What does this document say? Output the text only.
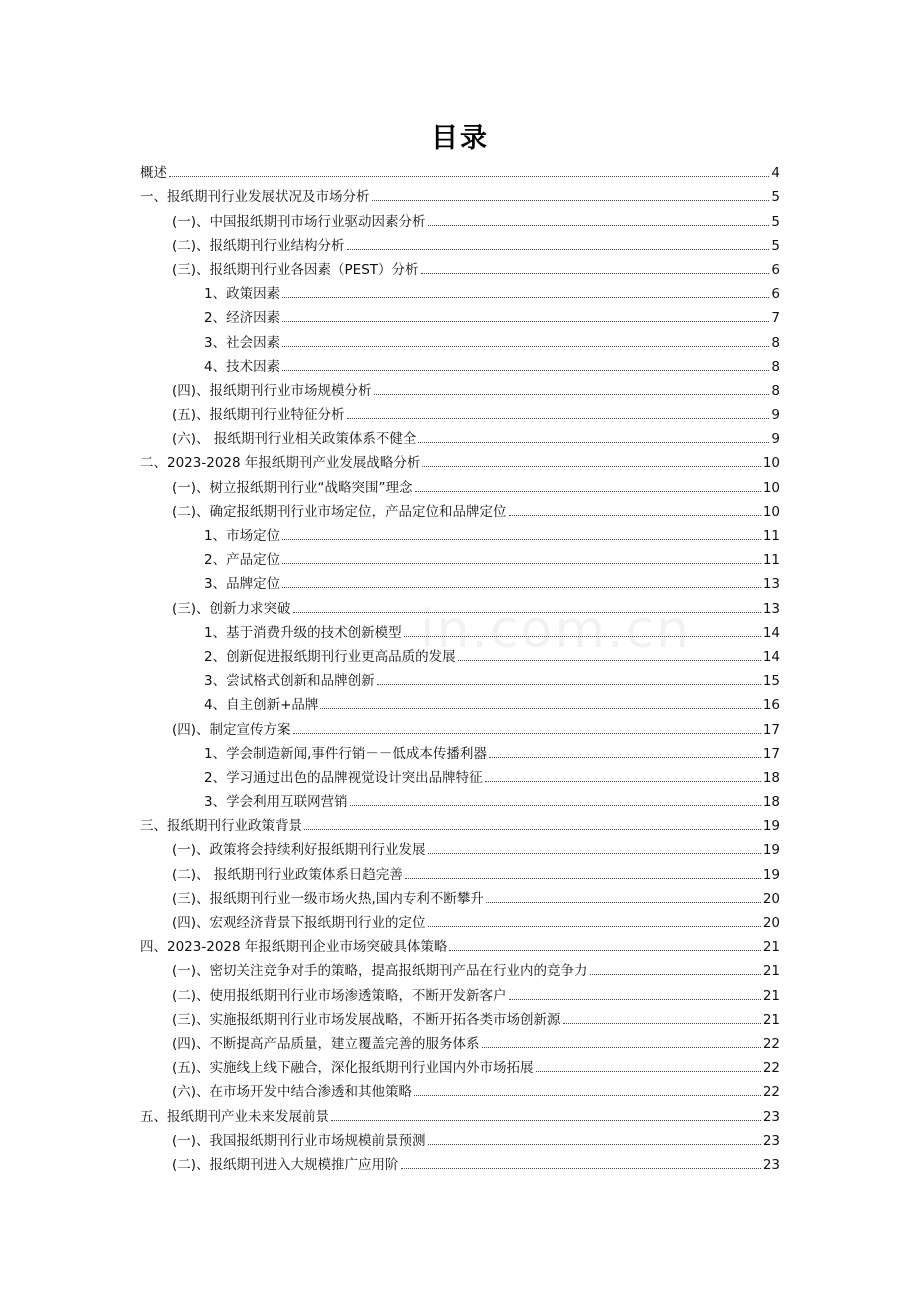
目录
概述	4
一、报纸期刊行业发展状况及市场分析	5
(一)、中国报纸期刊市场行业驱动因素分析	5
(二)、报纸期刊行业结构分析	5
(三)、报纸期刊行业各因素（PEST）分析	6
1、政策因素	6
2、经济因素	7
3、社会因素	8
4、技术因素	8
(四)、报纸期刊行业市场规模分析	8
(五)、报纸期刊行业特征分析	9
(六)、 报纸期刊行业相关政策体系不健全	9
二、2023-2028 年报纸期刊产业发展战略分析	10
(一)、树立报纸期刊行业“战略突围”理念	10
(二)、确定报纸期刊行业市场定位，产品定位和品牌定位	10
1、市场定位	11
2、产品定位	11
3、品牌定位	13
(三)、创新力求突破	13
1、基于消费升级的技术创新模型	14
2、创新促进报纸期刊行业更高品质的发展	14
3、尝试格式创新和品牌创新	15
4、自主创新+品牌	16
(四)、制定宣传方案	17
1、学会制造新闻,事件行销－－低成本传播利器	17
2、学习通过出色的品牌视觉设计突出品牌特征	18
3、学会利用互联网营销	18
三、报纸期刊行业政策背景	19
(一)、政策将会持续利好报纸期刊行业发展	19
(二)、 报纸期刊行业政策体系日趋完善	19
(三)、报纸期刊行业一级市场火热,国内专利不断攀升	20
(四)、宏观经济背景下报纸期刊行业的定位	20
四、2023-2028 年报纸期刊企业市场突破具体策略	21
(一)、密切关注竞争对手的策略，提高报纸期刊产品在行业内的竞争力	21
(二)、使用报纸期刊行业市场渗透策略，不断开发新客户	21
(三)、实施报纸期刊行业市场发展战略，不断开拓各类市场创新源	21
(四)、不断提高产品质量，建立覆盖完善的服务体系	22
(五)、实施线上线下融合，深化报纸期刊行业国内外市场拓展	22
(六)、在市场开发中结合渗透和其他策略	22
五、报纸期刊产业未来发展前景	23
(一)、我国报纸期刊行业市场规模前景预测	23
(二)、报纸期刊进入大规模推广应用阶	23
in.com.cn
